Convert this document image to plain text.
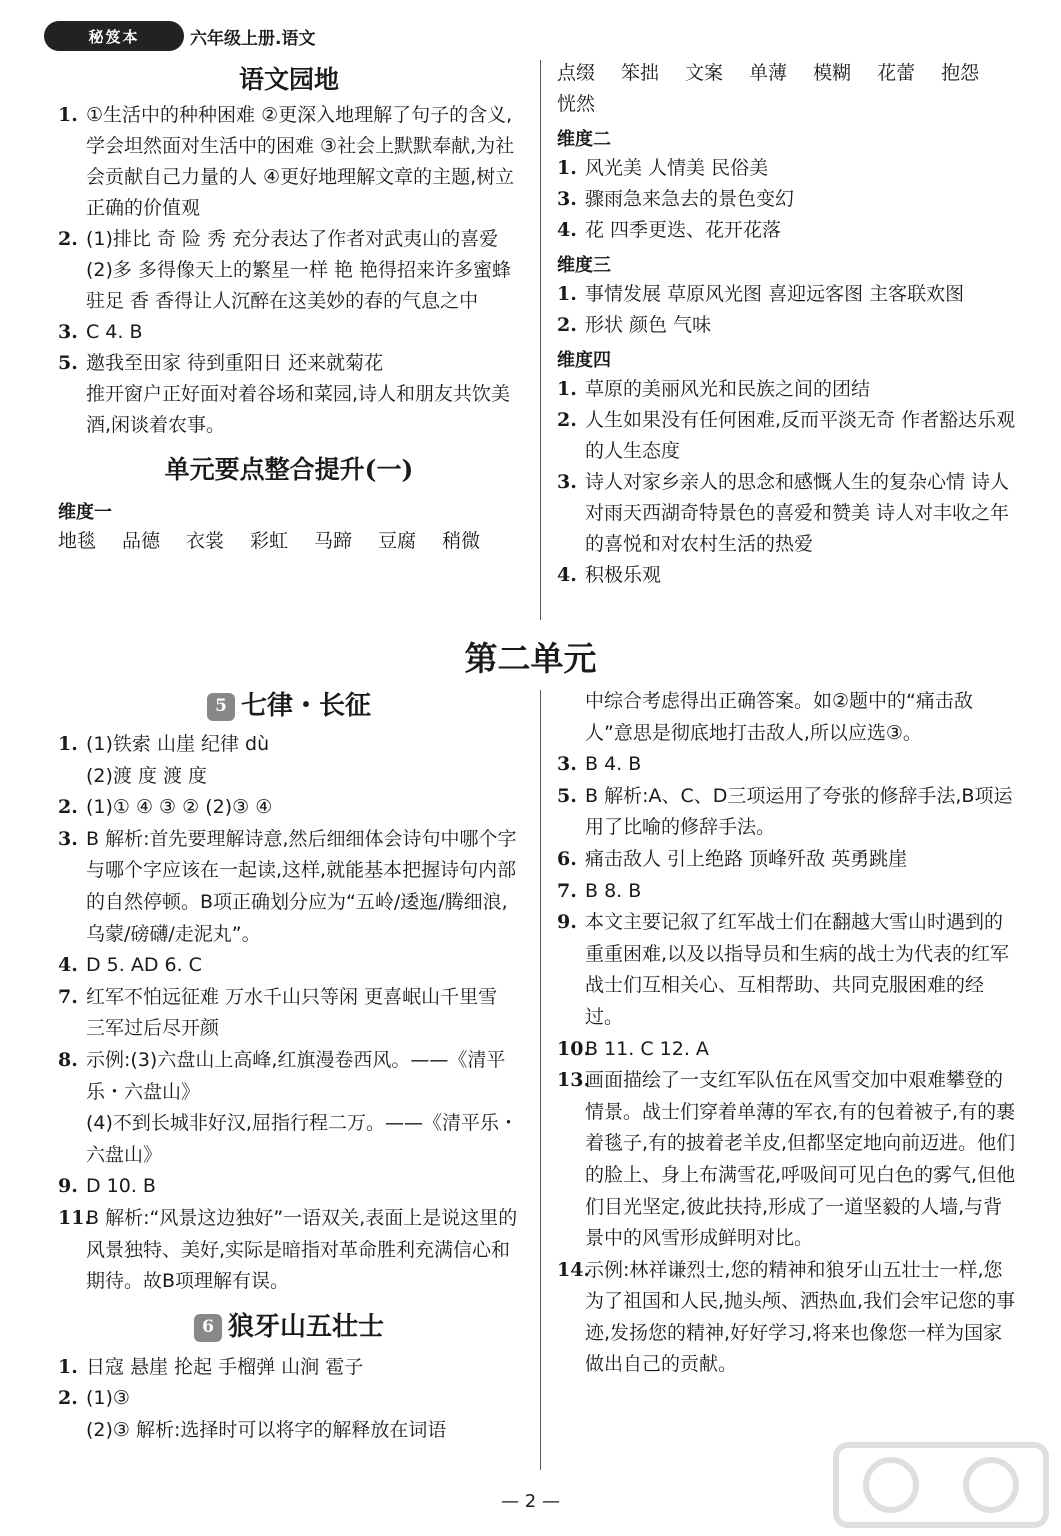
秘笈本	六年级上册.语文
语文园地

1. ①生活中的种种困难 ②更深入地理解了句子的含义,学会坦然面对生活中的困难 ③社会上默默奉献,为社会贡献自己力量的人 ④更好地理解文章的主题,树立正确的价值观

2. (1)排比 奇 险 秀 充分表达了作者对武夷山的喜爱

(2)多 多得像天上的繁星一样 艳 艳得招来许多蜜蜂驻足 香 香得让人沉醉在这美妙的春的气息之中

3. C 4. B

5. 邀我至田家 待到重阳日 还来就菊花

推开窗户正好面对着谷场和菜园,诗人和朋友共饮美酒,闲谈着农事。

单元要点整合提升(一)
维度一
地毯 品德 衣裳 彩虹 马蹄 豆腐 稍微
点缀 笨拙 文案 单薄 模糊 花蕾 抱怨
恍然
维度二

1. 风光美 人情美 民俗美

3. 骤雨急来急去的景色变幻

4. 花 四季更迭、花开花落

维度三

1. 事情发展 草原风光图 喜迎远客图 主客联欢图

2. 形状 颜色 气味

维度四

1. 草原的美丽风光和民族之间的团结

2. 人生如果没有任何困难,反而平淡无奇 作者豁达乐观的人生态度

3. 诗人对家乡亲人的思念和感慨人生的复杂心情 诗人对雨天西湖奇特景色的喜爱和赞美 诗人对丰收之年的喜悦和对农村生活的热爱

4. 积极乐观

第二单元
5 七律・长征

1. (1)铁索 山崖 纪律 dù

(2)渡 度 渡 度

2. (1)① ④ ③ ② (2)③ ④

3. B 解析:首先要理解诗意,然后细细体会诗句中哪个字与哪个字应该在一起读,这样,就能基本把握诗句内部的自然停顿。B项正确划分应为“五岭/逶迤/腾细浪,乌蒙/磅礴/走泥丸”。

4. D 5. AD 6. C

7. 红军不怕远征难 万水千山只等闲 更喜岷山千里雪 三军过后尽开颜

8. 示例:(3)六盘山上高峰,红旗漫卷西风。——《清平乐・六盘山》

(4)不到长城非好汉,屈指行程二万。——《清平乐・六盘山》

9. D 10. B

11.
B 解析:“风景这边独好”一语双关,表面上是说这里的风景独特、美好,实际是暗指对革命胜利充满信心和期待。故B项理解有误。

6 狼牙山五壮士

1. 日寇 悬崖 抡起 手榴弹 山涧 雹子

2. (1)③

(2)③ 解析:选择时可以将字的解释放在词语

中综合考虑得出正确答案。如②题中的“痛击敌人”意思是彻底地打击敌人,所以应选③。

3. B 4. B

5. B 解析:A、C、D三项运用了夸张的修辞手法,B项运用了比喻的修辞手法。

6. 痛击敌人 引上绝路 顶峰歼敌 英勇跳崖

7. B 8. B

9. 本文主要记叙了红军战士们在翻越大雪山时遇到的重重困难,以及以指导员和生病的战士为代表的红军战士们互相关心、互相帮助、共同克服困难的经过。

10.
B 11. C 12. A

13.
画面描绘了一支红军队伍在风雪交加中艰难攀登的情景。战士们穿着单薄的军衣,有的包着被子,有的裹着毯子,有的披着老羊皮,但都坚定地向前迈进。他们的脸上、身上布满雪花,呼吸间可见白色的雾气,但他们目光坚定,彼此扶持,形成了一道坚毅的人墙,与背景中的风雪形成鲜明对比。

14.
示例:林祥谦烈士,您的精神和狼牙山五壮士一样,您为了祖国和人民,抛头颅、洒热血,我们会牢记您的事迹,发扬您的精神,好好学习,将来也像您一样为国家做出自己的贡献。

— 2 —
